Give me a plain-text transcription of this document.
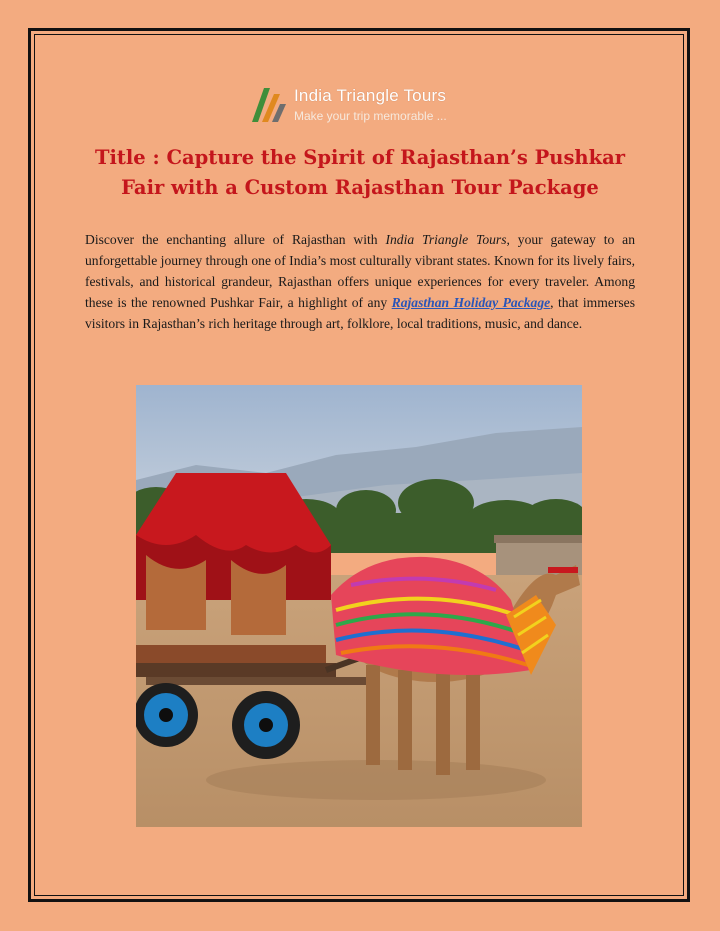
India Triangle Tours
Make your trip memorable ...
Title : Capture the Spirit of Rajasthan’s Pushkar Fair with a Custom Rajasthan Tour Package

Discover the enchanting allure of Rajasthan with India Triangle Tours, your gateway to an unforgettable journey through one of India’s most culturally vibrant states. Known for its lively fairs, festivals, and historical grandeur, Rajasthan offers unique experiences for every traveler. Among these is the renowned Pushkar Fair, a highlight of any Rajasthan Holiday Package, that immerses visitors in Rajasthan’s rich heritage through art, folklore, local traditions, music, and dance.
